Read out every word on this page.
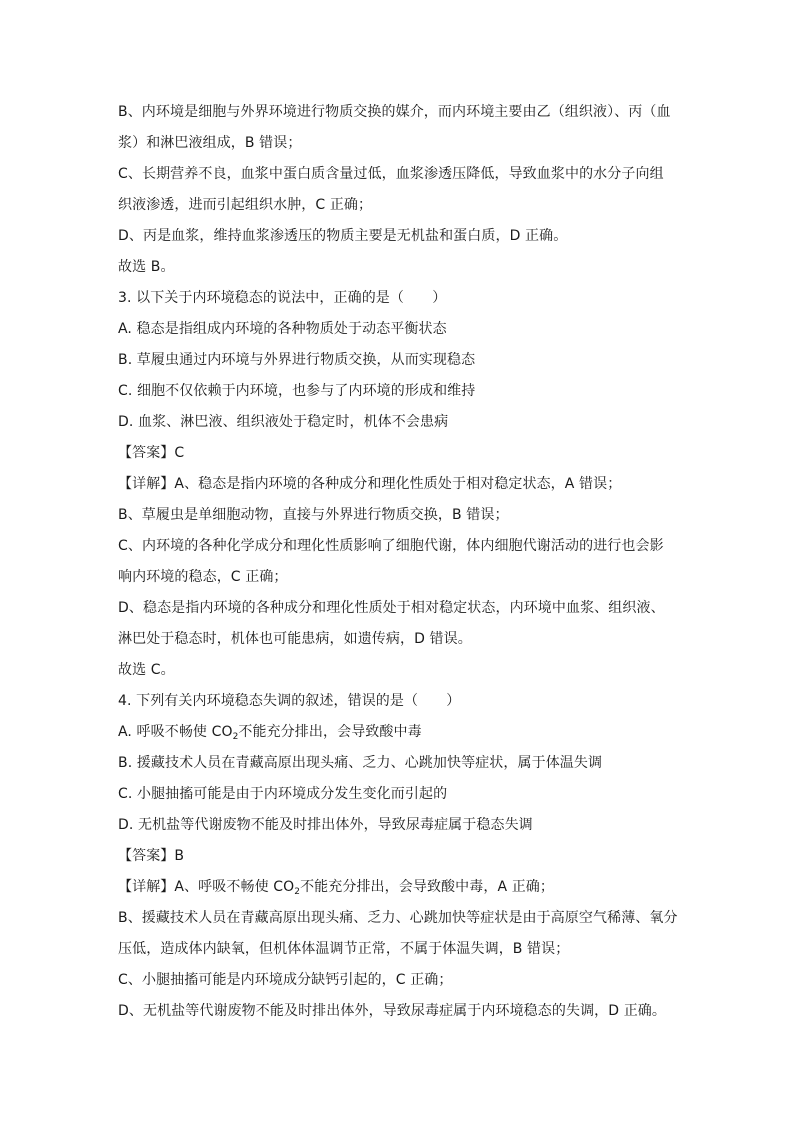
B、内环境是细胞与外界环境进行物质交换的媒介，而内环境主要由乙（组织液）、丙（血
浆）和淋巴液组成，B 错误；
C、长期营养不良，血浆中蛋白质含量过低，血浆渗透压降低，导致血浆中的水分子向组
织液渗透，进而引起组织水肿，C 正确；
D、丙是血浆，维持血浆渗透压的物质主要是无机盐和蛋白质，D 正确。
故选 B。
3. 以下关于内环境稳态的说法中，正确的是（　　）
A. 稳态是指组成内环境的各种物质处于动态平衡状态
B. 草履虫通过内环境与外界进行物质交换，从而实现稳态
C. 细胞不仅依赖于内环境，也参与了内环境的形成和维持
D. 血浆、淋巴液、组织液处于稳定时，机体不会患病
【答案】C
【详解】A、稳态是指内环境的各种成分和理化性质处于相对稳定状态，A 错误；
B、草履虫是单细胞动物，直接与外界进行物质交换，B 错误；
C、内环境的各种化学成分和理化性质影响了细胞代谢，体内细胞代谢活动的进行也会影
响内环境的稳态，C 正确；
D、稳态是指内环境的各种成分和理化性质处于相对稳定状态，内环境中血浆、组织液、
淋巴处于稳态时，机体也可能患病，如遗传病，D 错误。
故选 C。
4. 下列有关内环境稳态失调的叙述，错误的是（　　）
A. 呼吸不畅使 $CO_2$不能充分排出，会导致酸中毒
B. 援藏技术人员在青藏高原出现头痛、乏力、心跳加快等症状，属于体温失调
C. 小腿抽搐可能是由于内环境成分发生变化而引起的
D. 无机盐等代谢废物不能及时排出体外，导致尿毒症属于稳态失调
【答案】B
【详解】A、呼吸不畅使 $CO_2$不能充分排出，会导致酸中毒，A 正确；
B、援藏技术人员在青藏高原出现头痛、乏力、心跳加快等症状是由于高原空气稀薄、氧分
压低，造成体内缺氧，但机体体温调节正常，不属于体温失调，B 错误；
C、小腿抽搐可能是内环境成分缺钙引起的，C 正确；
D、无机盐等代谢废物不能及时排出体外，导致尿毒症属于内环境稳态的失调，D 正确。
